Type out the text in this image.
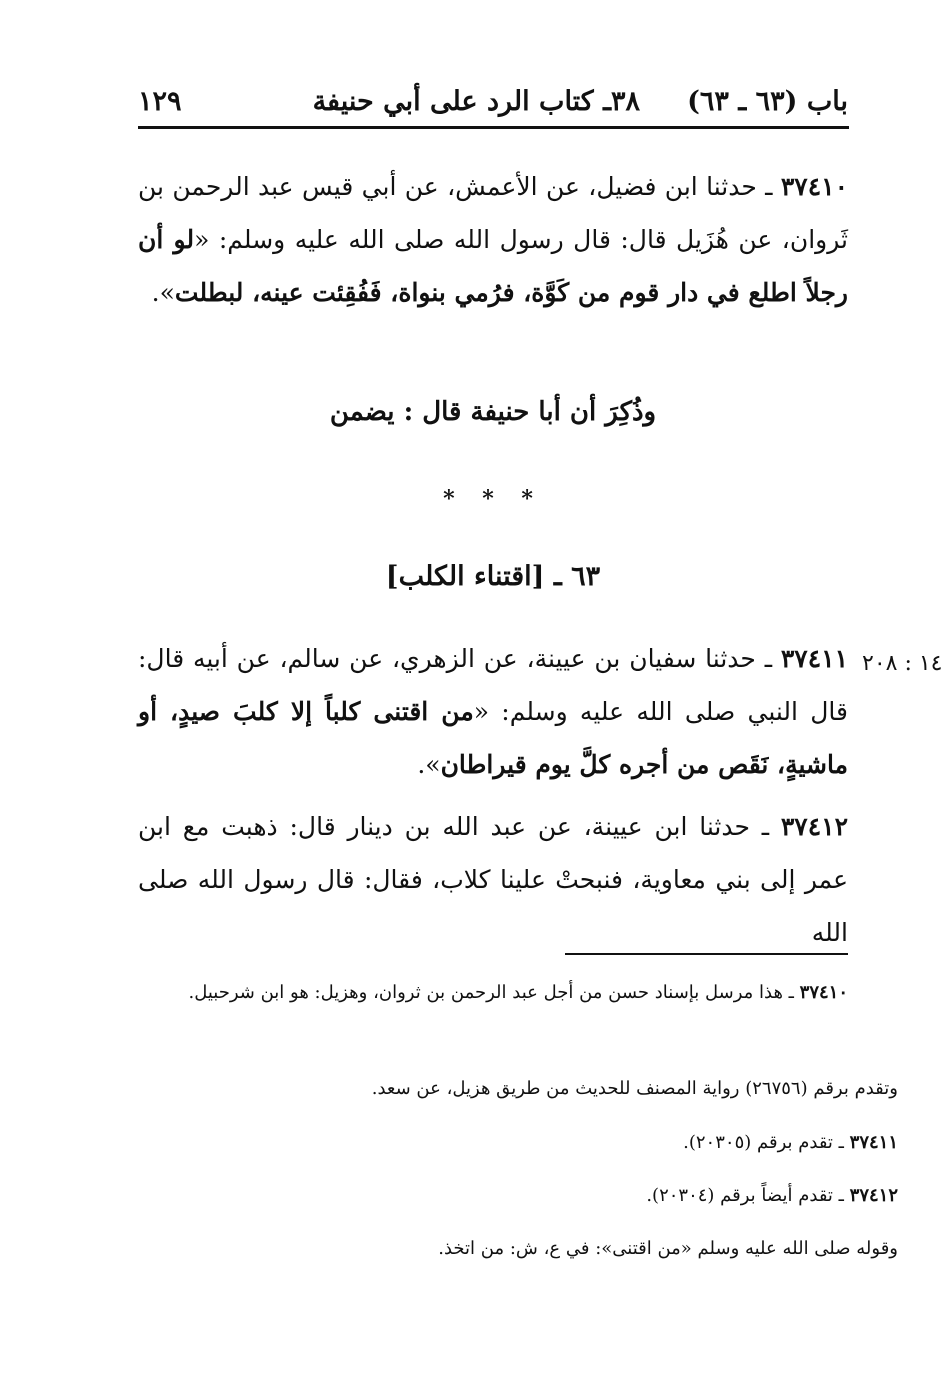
باب (٦٣ ـ ٦٣)
٣٨ـ كتاب الرد على أبي حنيفة
١٢٩
٣٧٤١٠ ـ حدثنا ابن فضيل، عن الأعمش، عن أبي قيس عبد الرحمن بن ثَروان، عن هُزَيل قال: قال رسول الله صلى الله عليه وسلم: «لو أن رجلاً اطلع في دار قوم من كَوَّة، فرُمي بنواة، فَفُقِئت عينه، لبطلت».
وذُكِرَ أن أبا حنيفة قال : يضمن
* * *
٦٣ ـ [اقتناء الكلب]
١٤ : ٢٠٨
٣٧٤١١ ـ حدثنا سفيان بن عيينة، عن الزهري، عن سالم، عن أبيه قال: قال النبي صلى الله عليه وسلم: «من اقتنى كلباً إلا كلبَ صيدٍ، أو ماشيةٍ، نَقَص من أجره كلَّ يوم قيراطان».
٣٧٤١٢ ـ حدثنا ابن عيينة، عن عبد الله بن دينار قال: ذهبت مع ابن عمر إلى بني معاوية، فنبحتْ علينا كلاب، فقال: قال رسول الله صلى الله
٣٧٤١٠ ـ هذا مرسل بإسناد حسن من أجل عبد الرحمن بن ثروان، وهزيل: هو ابن شرحبيل.
وتقدم برقم (٢٦٧٥٦) رواية المصنف للحديث من طريق هزيل، عن سعد.
٣٧٤١١ ـ تقدم برقم (٢٠٣٠٥).
٣٧٤١٢ ـ تقدم أيضاً برقم (٢٠٣٠٤).
وقوله صلى الله عليه وسلم «من اقتنى»: في ع، ش: من اتخذ.
